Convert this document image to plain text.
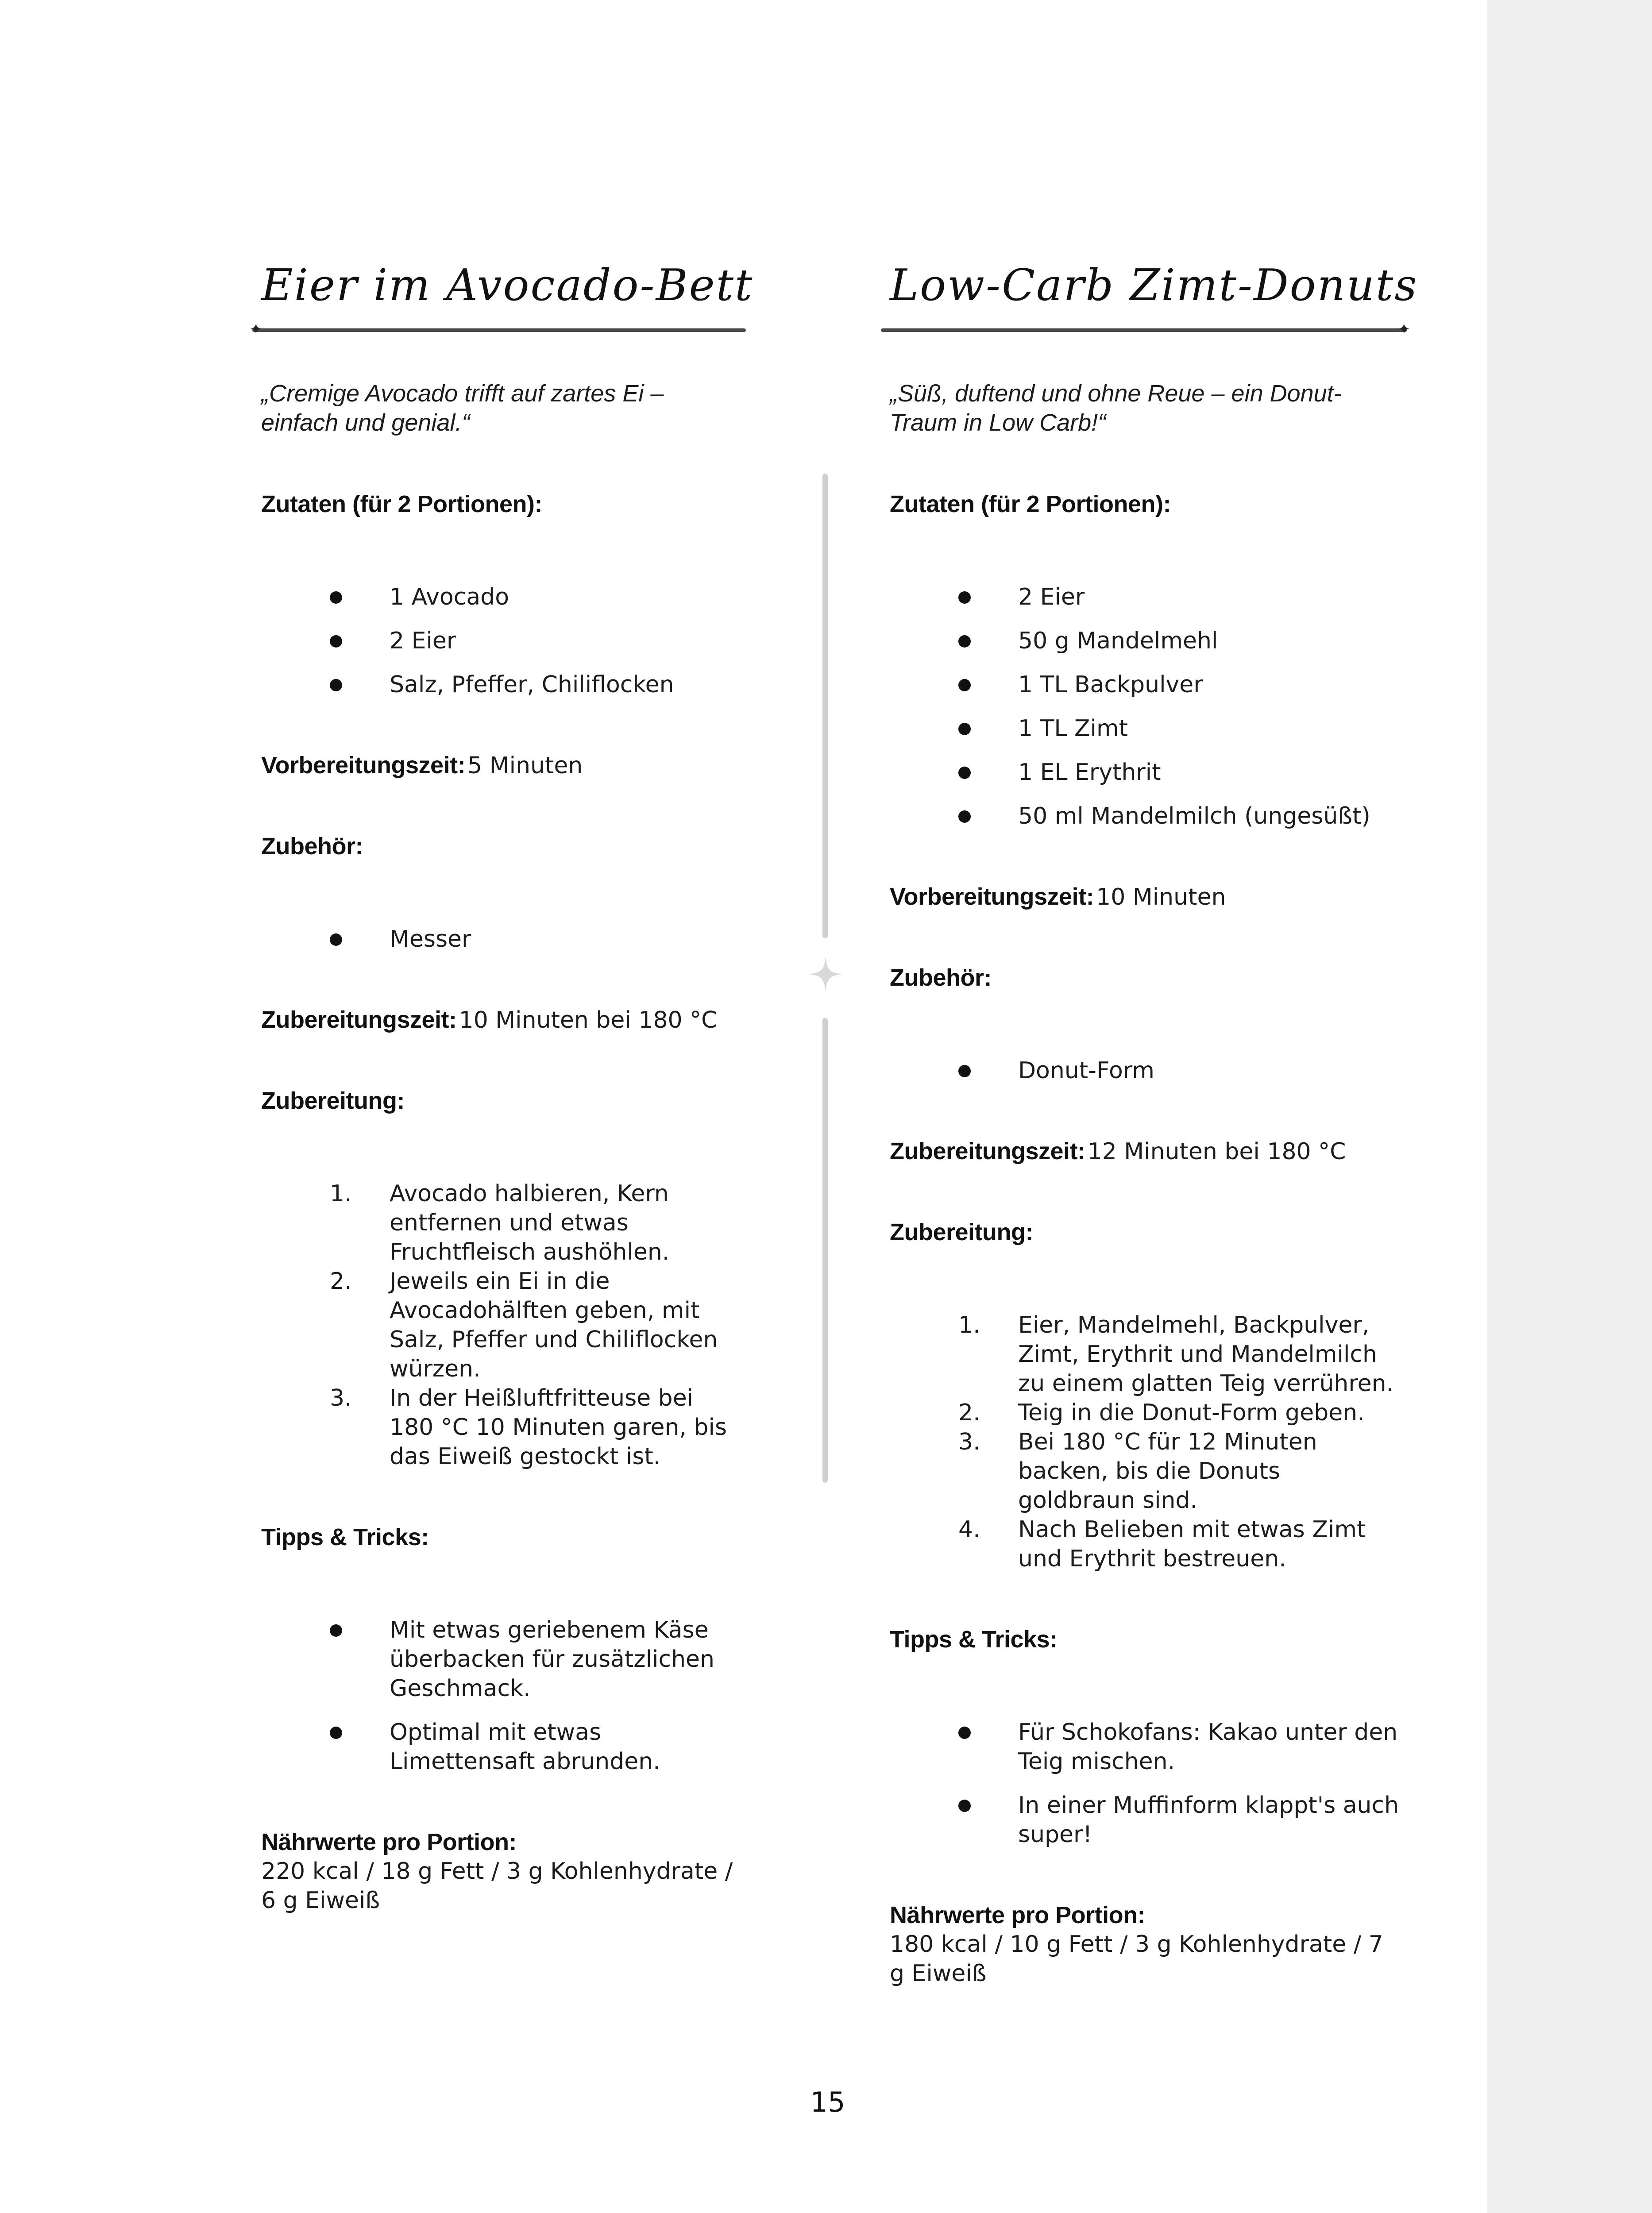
Eier im Avocado-Bett
✦
„Cremige Avocado trifft auf zartes Ei – einfach und genial.“
Zutaten (für 2 Portionen):
1 Avocado
2 Eier
Salz, Pfeffer, Chiliflocken
Vorbereitungszeit: 5 Minuten
Zubehör:
Messer
Zubereitungszeit: 10 Minuten bei 180 °C
Zubereitung:
1. Avocado halbieren, Kern entfernen und etwas Fruchtfleisch aushöhlen.
2. Jeweils ein Ei in die Avocadohälften geben, mit Salz, Pfeffer und Chiliflocken würzen.
3. In der Heißluftfritteuse bei 180 °C 10 Minuten garen, bis das Eiweiß gestockt ist.
Tipps & Tricks:
Mit etwas geriebenem Käse überbacken für zusätzlichen Geschmack.
Optimal mit etwas Limettensaft abrunden.
Nährwerte pro Portion:
220 kcal / 18 g Fett / 3 g Kohlenhydrate / 6 g Eiweiß
Low-Carb Zimt-Donuts
✦
„Süß, duftend und ohne Reue – ein Donut-Traum in Low Carb!“
Zutaten (für 2 Portionen):
2 Eier
50 g Mandelmehl
1 TL Backpulver
1 TL Zimt
1 EL Erythrit
50 ml Mandelmilch (ungesüßt)
Vorbereitungszeit: 10 Minuten
Zubehör:
Donut-Form
Zubereitungszeit: 12 Minuten bei 180 °C
Zubereitung:
1. Eier, Mandelmehl, Backpulver, Zimt, Erythrit und Mandelmilch zu einem glatten Teig verrühren.
2. Teig in die Donut-Form geben.
3. Bei 180 °C für 12 Minuten backen, bis die Donuts goldbraun sind.
4. Nach Belieben mit etwas Zimt und Erythrit bestreuen.
Tipps & Tricks:
Für Schokofans: Kakao unter den Teig mischen.
In einer Muffinform klappt's auch super!
Nährwerte pro Portion:
180 kcal / 10 g Fett / 3 g Kohlenhydrate / 7 g Eiweiß
15
